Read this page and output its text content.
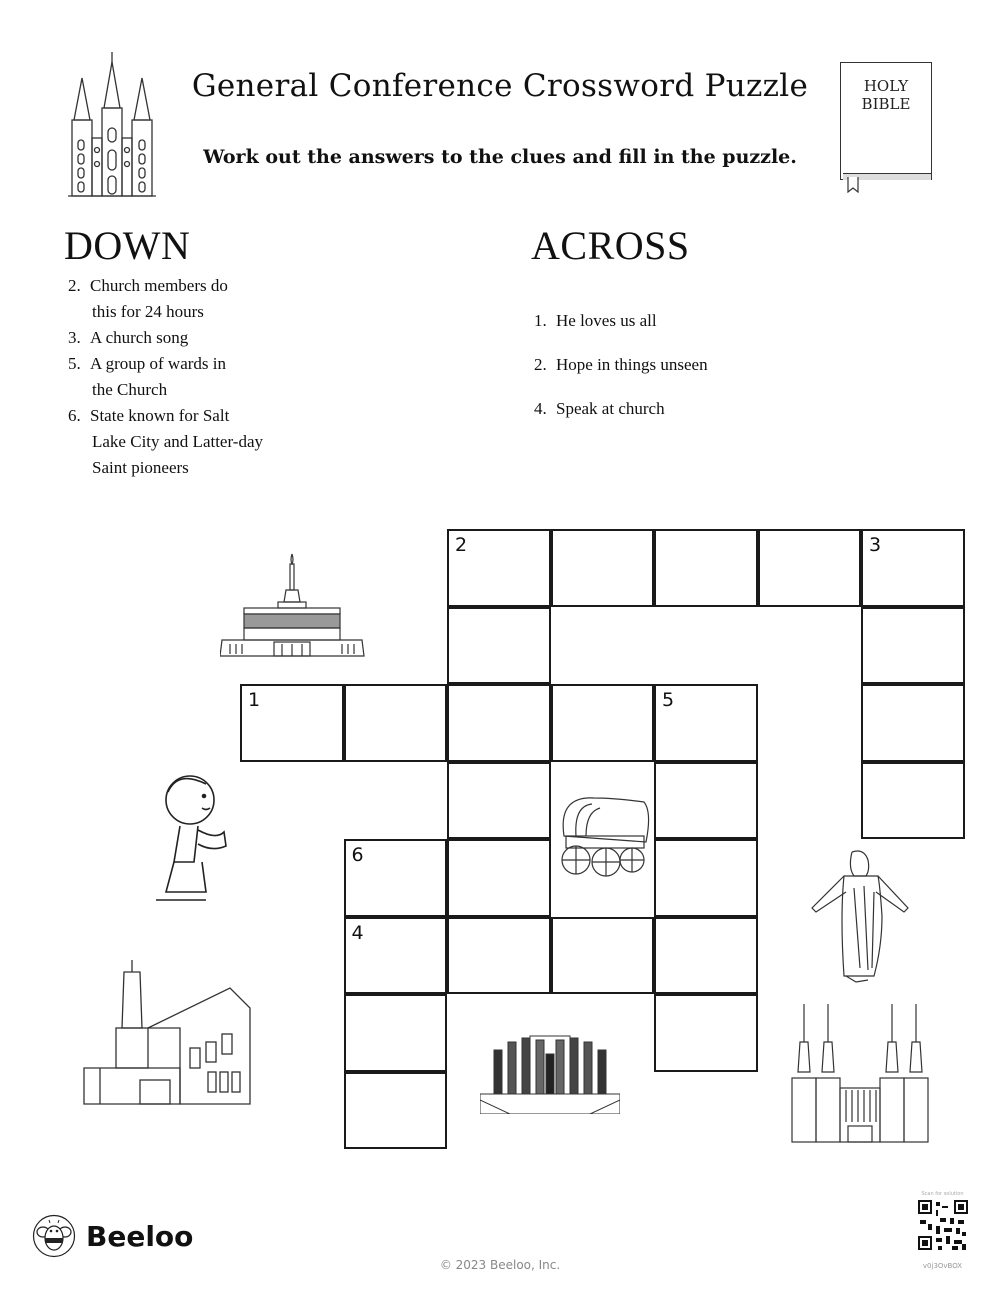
General Conference Crossword Puzzle
Work out the answers to the clues and fill in the puzzle.
HOLY
BIBLE
DOWN
2. Church members do
this for 24 hours
3. A church song
5. A group of wards in
the Church
6. State known for Salt
Lake City and Latter-day
Saint pioneers
ACROSS
1. He loves us all
2. Hope in things unseen
4. Speak at church
2	3
1	5
6
4
Beeloo
© 2023 Beeloo, Inc.
Scan for solution
v0j3OvBOX
